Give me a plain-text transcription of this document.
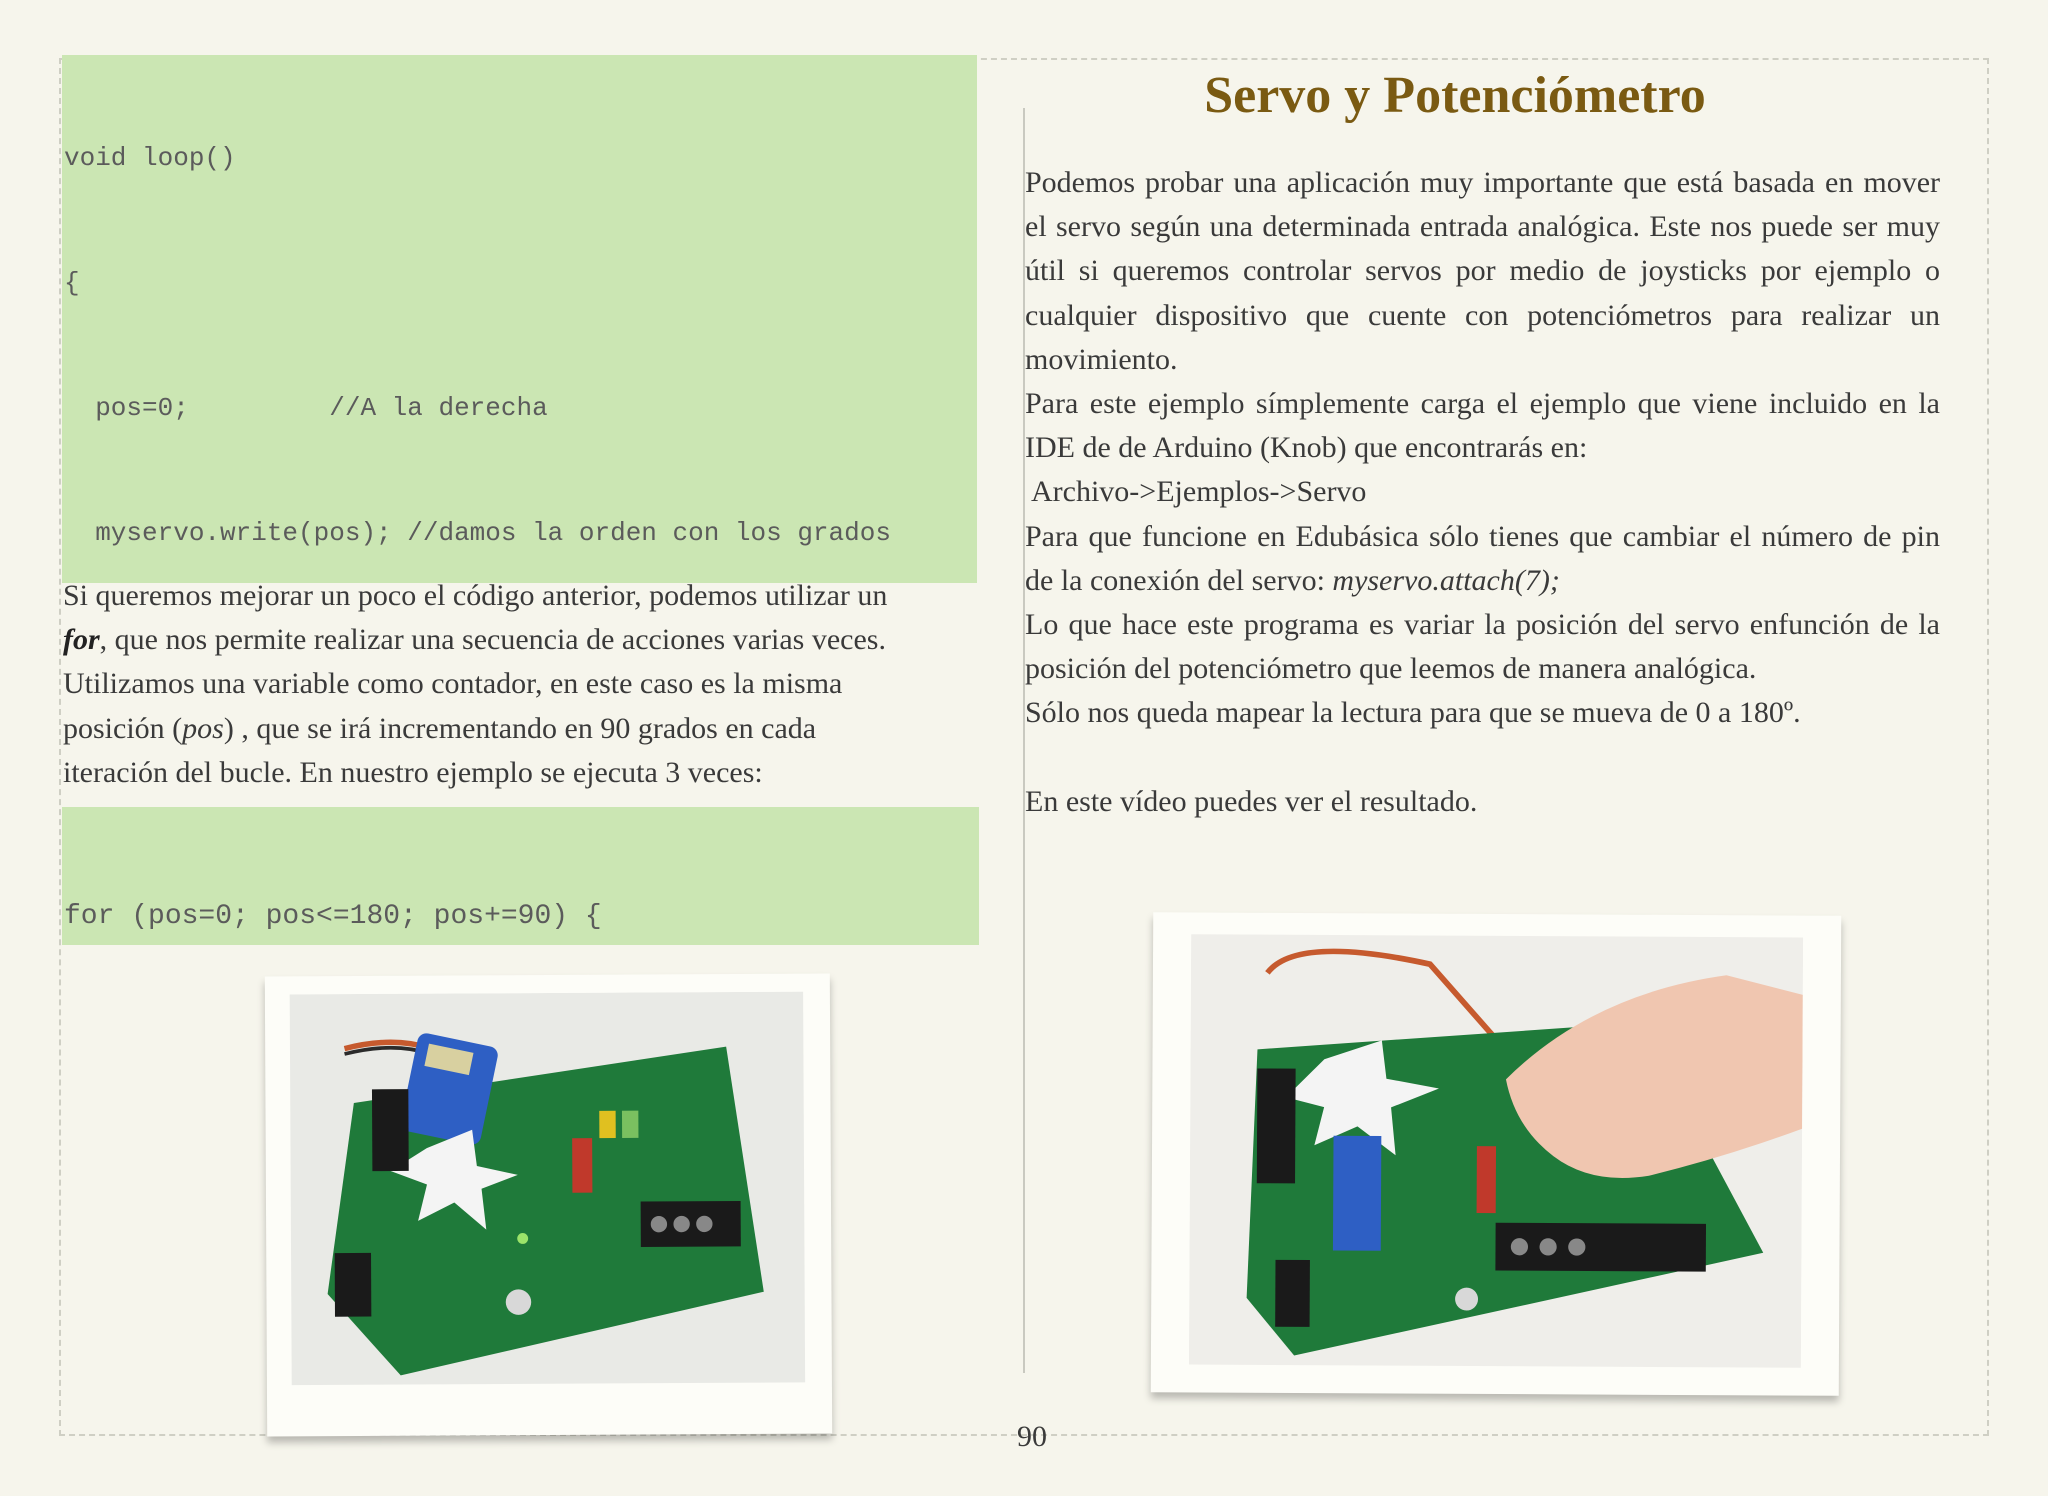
void loop()

{

pos=0;         //A la derecha

myservo.write(pos); //damos la orden con los grados

Si queremos mejorar un poco el código anterior, podemos utilizar un

for, que nos permite realizar una secuencia de acciones varias veces.

Utilizamos una variable como contador, en este caso es la misma

posición (pos) , que se irá incrementando en 90 grados en cada

iteración del bucle. En nuestro ejemplo se ejecuta 3 veces:

for (pos=0; pos<=180; pos+=90) {

Servo y Potenciómetro

Podemos probar una aplicación muy importante que está basada en mover el servo según una determinada entrada analógica. Este nos puede ser muy útil si queremos controlar servos por medio de joysticks por ejemplo o cualquier dispositivo que cuente con potenciómetros para realizar un movimiento.

Para este ejemplo símplemente carga el ejemplo que viene incluido en la IDE de de Arduino (Knob) que encontrarás en:

Archivo->Ejemplos->Servo

Para que funcione en Edubásica sólo tienes que cambiar el número de pin de la conexión del servo: myservo.attach(7);

Lo que hace este programa es variar la posición del servo enfunción de la posición del potenciómetro que leemos de manera analógica.

Sólo nos queda mapear la lectura para que se mueva de 0 a 180º.

En este vídeo puedes ver el resultado.

90
